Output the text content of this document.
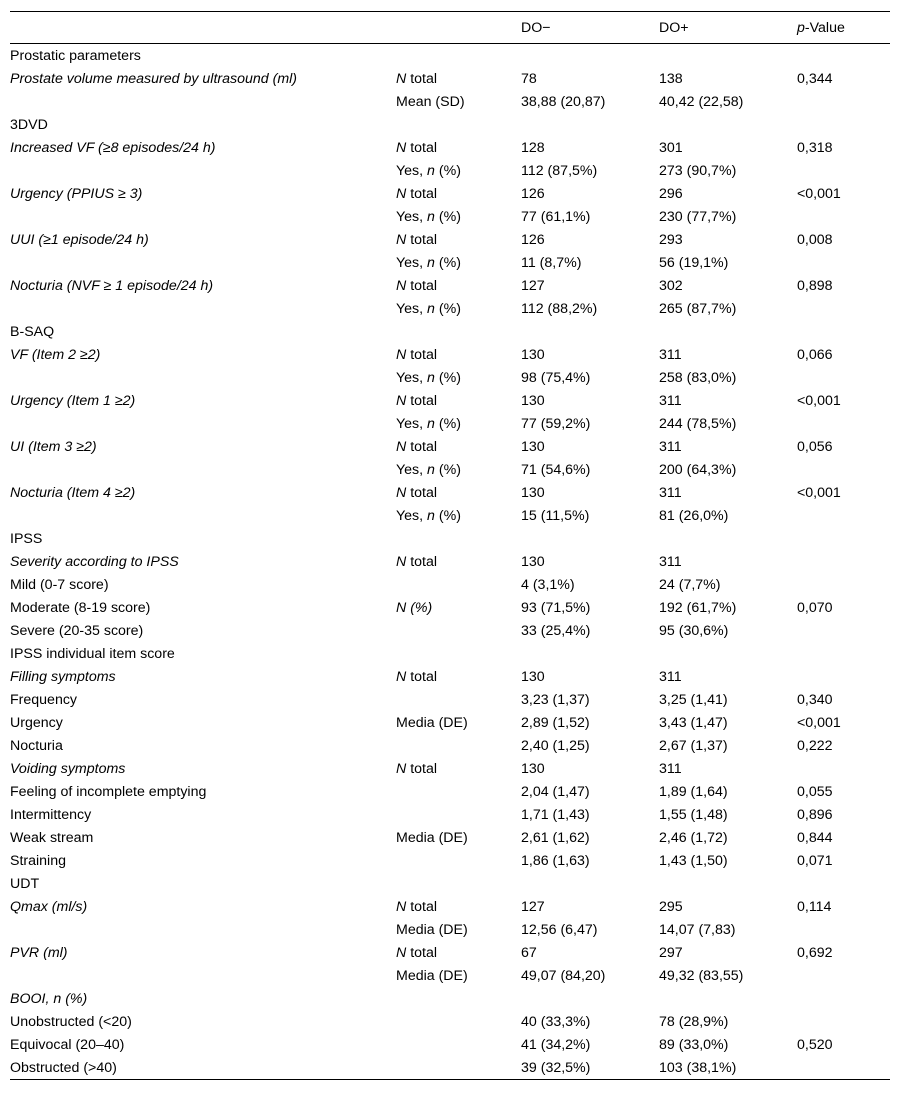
		DO−	DO+	p-Value
Prostatic parameters				
Prostate volume measured by ultrasound (ml)	N total	78	138	0,344
	Mean (SD)	38,88 (20,87)	40,42 (22,58)	
3DVD				
Increased VF (≥8 episodes/24 h)	N total	128	301	0,318
	Yes, n (%)	112 (87,5%)	273 (90,7%)	
Urgency (PPIUS ≥ 3)	N total	126	296	<0,001
	Yes, n (%)	77 (61,1%)	230 (77,7%)	
UUI (≥1 episode/24 h)	N total	126	293	0,008
	Yes, n (%)	11 (8,7%)	56 (19,1%)	
Nocturia (NVF ≥ 1 episode/24 h)	N total	127	302	0,898
	Yes, n (%)	112 (88,2%)	265 (87,7%)	
B-SAQ				
VF (Item 2 ≥2)	N total	130	311	0,066
	Yes, n (%)	98 (75,4%)	258 (83,0%)	
Urgency (Item 1 ≥2)	N total	130	311	<0,001
	Yes, n (%)	77 (59,2%)	244 (78,5%)	
UI (Item 3 ≥2)	N total	130	311	0,056
	Yes, n (%)	71 (54,6%)	200 (64,3%)	
Nocturia (Item 4 ≥2)	N total	130	311	<0,001
	Yes, n (%)	15 (11,5%)	81 (26,0%)	
IPSS				
Severity according to IPSS	N total	130	311	
Mild (0-7 score)		4 (3,1%)	24 (7,7%)	
Moderate (8-19 score)	N (%)	93 (71,5%)	192 (61,7%)	0,070
Severe (20-35 score)		33 (25,4%)	95 (30,6%)	
IPSS individual item score				
Filling symptoms	N total	130	311	
Frequency		3,23 (1,37)	3,25 (1,41)	0,340
Urgency	Media (DE)	2,89 (1,52)	3,43 (1,47)	<0,001
Nocturia		2,40 (1,25)	2,67 (1,37)	0,222
Voiding symptoms	N total	130	311	
Feeling of incomplete emptying		2,04 (1,47)	1,89 (1,64)	0,055
Intermittency		1,71 (1,43)	1,55 (1,48)	0,896
Weak stream	Media (DE)	2,61 (1,62)	2,46 (1,72)	0,844
Straining		1,86 (1,63)	1,43 (1,50)	0,071
UDT				
Qmax (ml/s)	N total	127	295	0,114
	Media (DE)	12,56 (6,47)	14,07 (7,83)	
PVR (ml)	N total	67	297	0,692
	Media (DE)	49,07 (84,20)	49,32 (83,55)	
BOOI, n (%)				
Unobstructed (<20)		40 (33,3%)	78 (28,9%)	
Equivocal (20–40)		41 (34,2%)	89 (33,0%)	0,520
Obstructed (>40)		39 (32,5%)	103 (38,1%)	
